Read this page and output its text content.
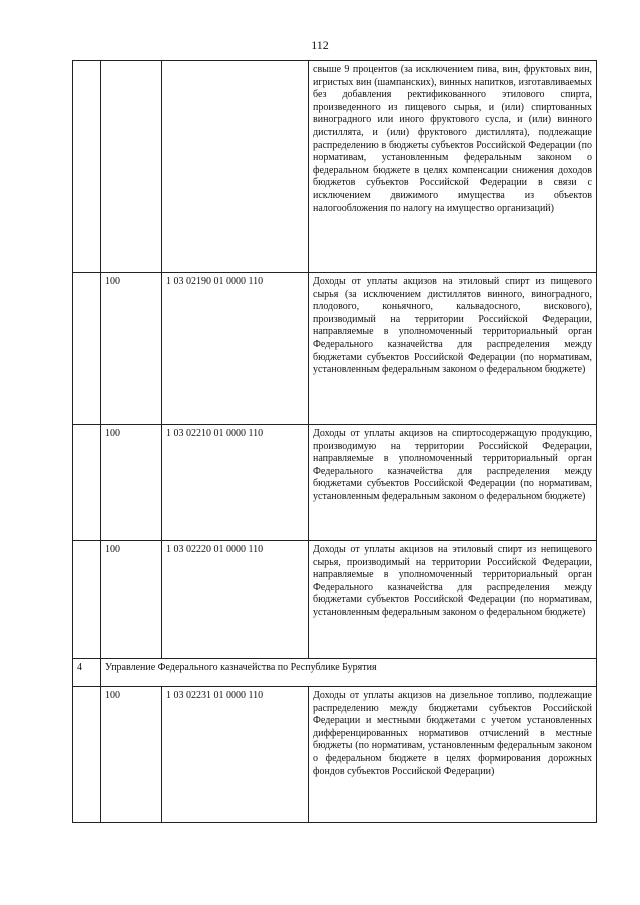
112
			свыше 9 процентов (за исключением пива, вин, фруктовых вин, игристых вин (шампанских), винных напитков, изготавливаемых без добавления ректификованного этилового спирта, произведенного из пищевого сырья, и (или) спиртованных виноградного или иного фруктового сусла, и (или) винного дистиллята, и (или) фруктового дистиллята), подлежащие распределению в бюджеты субъектов Российской Федерации (по нормативам, установленным федеральным законом о федеральном бюджете в целях компенсации снижения доходов бюджетов субъектов Российской Федерации в связи с исключением движимого имущества из объектов налогообложения по налогу на имущество организаций)
	100	1 03 02190 01 0000 110	Доходы от уплаты акцизов на этиловый спирт из пищевого сырья (за исключением дистиллятов винного, виноградного, плодового, коньячного, кальвадосного, вискового), производимый на территории Российской Федерации, направляемые в уполномоченный территориальный орган Федерального казначейства для распределения между бюджетами субъектов Российской Федерации (по нормативам, установленным федеральным законом о федеральном бюджете)
	100	1 03 02210 01 0000 110	Доходы от уплаты акцизов на спиртосодержащую продукцию, производимую на территории Российской Федерации, направляемые в уполномоченный территориальный орган Федерального казначейства для распределения между бюджетами субъектов Российской Федерации (по нормативам, установленным федеральным законом о федеральном бюджете)
	100	1 03 02220 01 0000 110	Доходы от уплаты акцизов на этиловый спирт из непищевого сырья, производимый на территории Российской Федерации, направляемые в уполномоченный территориальный орган Федерального казначейства для распределения между бюджетами субъектов Российской Федерации (по нормативам, установленным федеральным законом о федеральном бюджете)
4	Управление Федерального казначейства по Республике Бурятия		
	100	1 03 02231 01 0000 110	Доходы от уплаты акцизов на дизельное топливо, подлежащие распределению между бюджетами субъектов Российской Федерации и местными бюджетами с учетом установленных дифференцированных нормативов отчислений в местные бюджеты (по нормативам, установленным федеральным законом о федеральном бюджете в целях формирования дорожных фондов субъектов Российской Федерации)
